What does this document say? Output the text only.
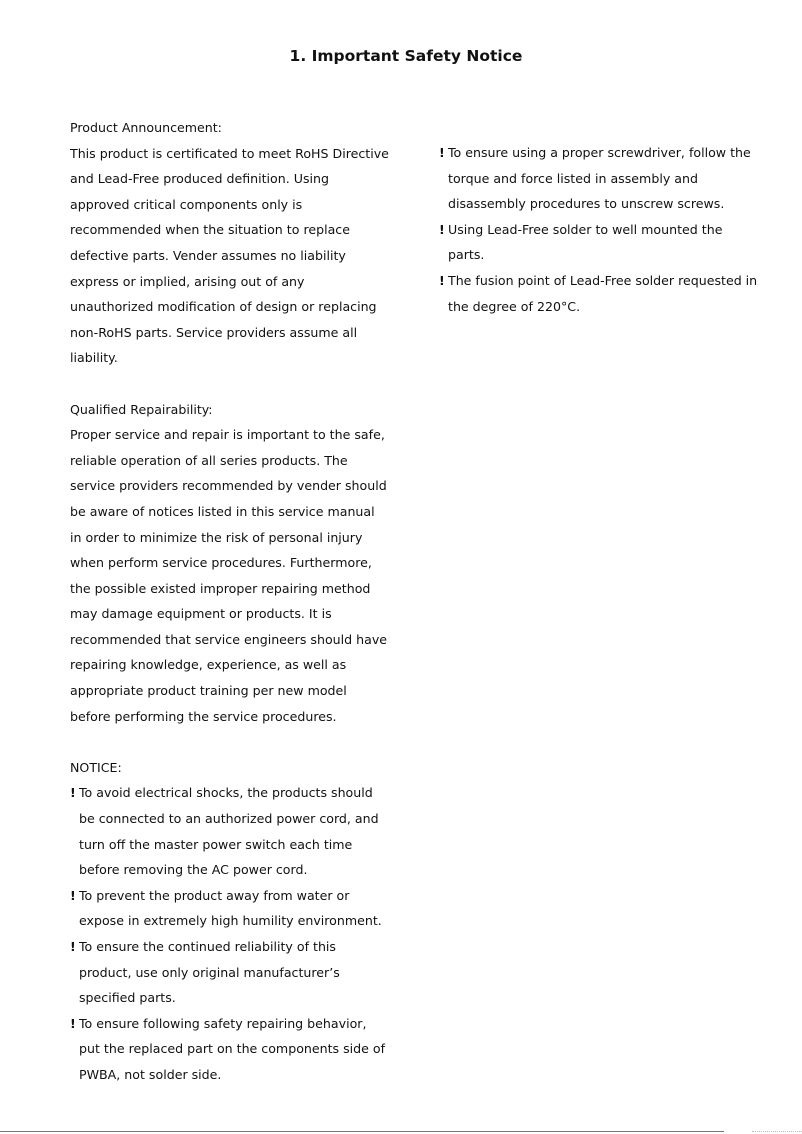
1. Important Safety Notice

Product Announcement:

This product is certificated to meet RoHS Directive and Lead-Free produced definition. Using approved critical components only is recommended when the situation to replace defective parts. Vender assumes no liability express or implied, arising out of any unauthorized modification of design or replacing non-RoHS parts. Service providers assume all liability.

Qualified Repairability:

Proper service and repair is important to the safe, reliable operation of all series products. The service providers recommended by vender should be aware of notices listed in this service manual in order to minimize the risk of personal injury when perform service procedures. Furthermore, the possible existed improper repairing method may damage equipment or products. It is recommended that service engineers should have repairing knowledge, experience, as well as appropriate product training per new model before performing the service procedures.

NOTICE:

! To avoid electrical shocks, the products should be connected to an authorized power cord, and turn off the master power switch each time before removing the AC power cord.
! To prevent the product away from water or expose in extremely high humility environment.
! To ensure the continued reliability of this product, use only original manufacturer’s specified parts.
! To ensure following safety repairing behavior, put the replaced part on the components side of PWBA, not solder side.
! To ensure using a proper screwdriver, follow the torque and force listed in assembly and disassembly procedures to unscrew screws.
! Using Lead-Free solder to well mounted the parts.
! The fusion point of Lead-Free solder requested in the degree of 220°C.
